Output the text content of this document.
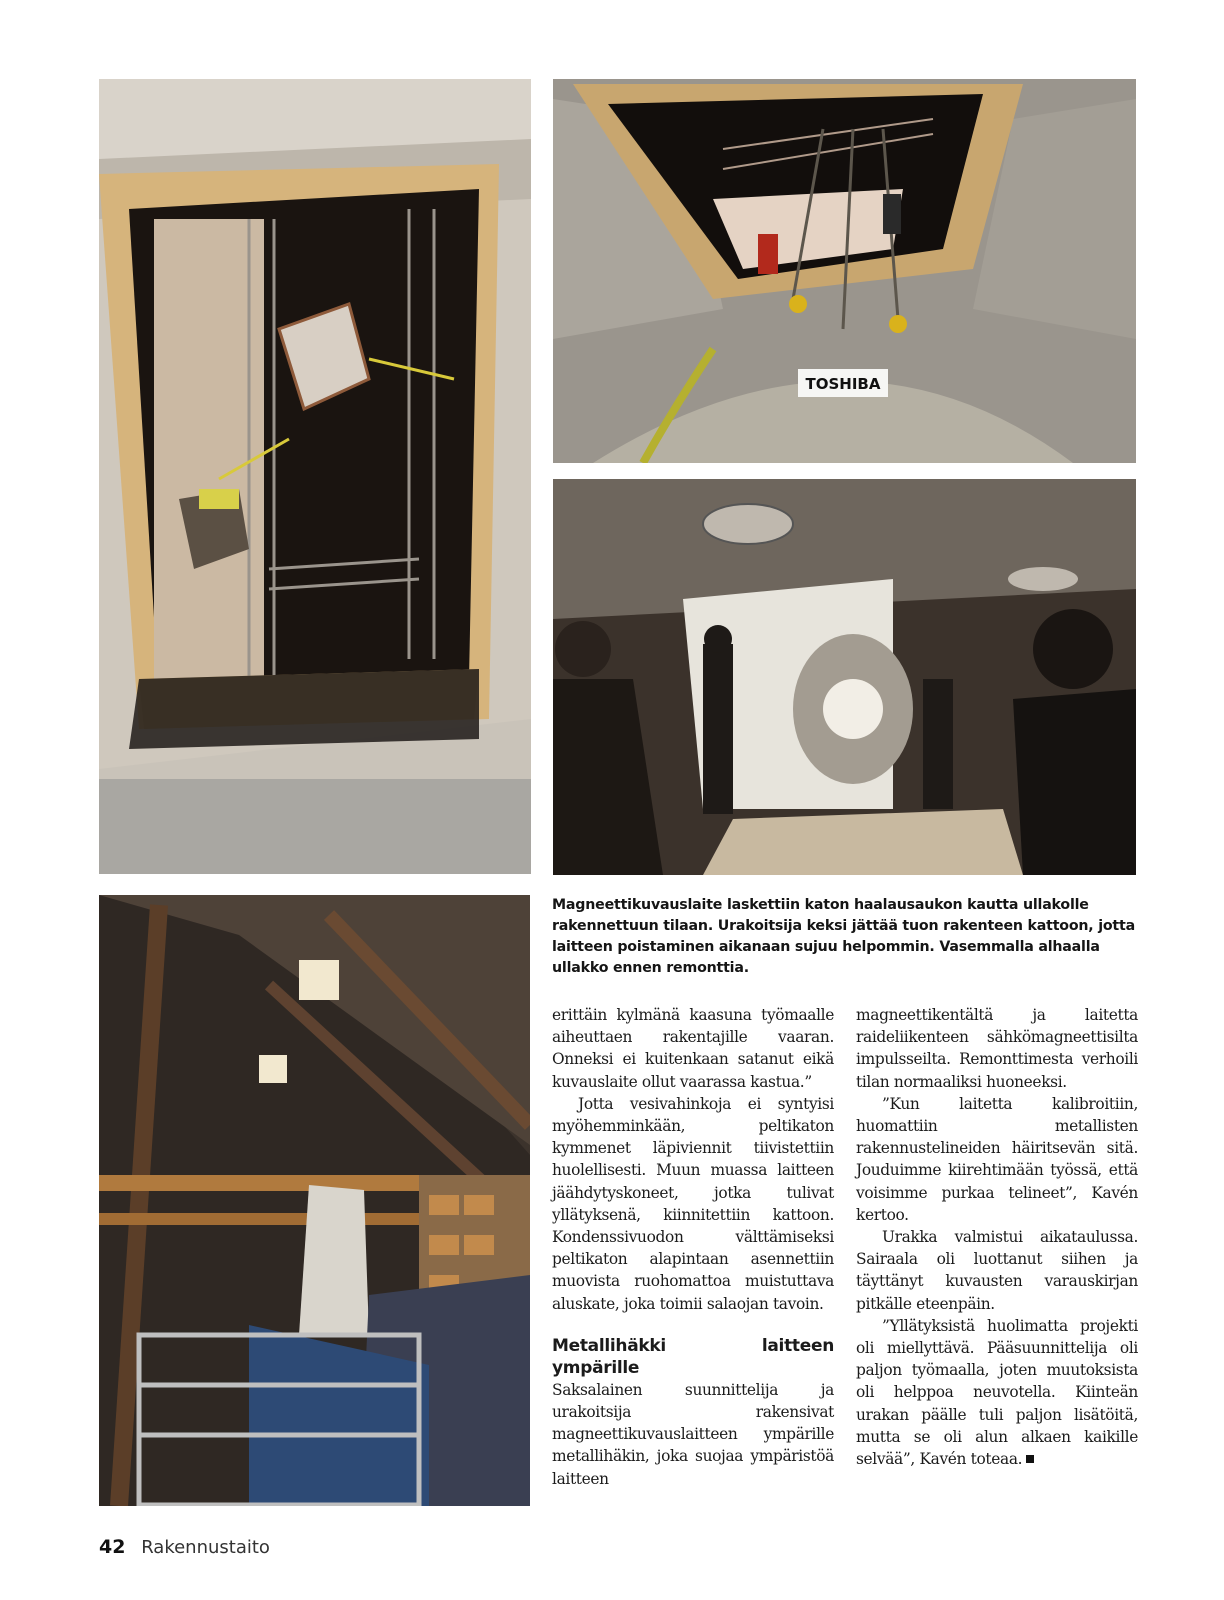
TOSHIBA
Magneettikuvauslaite laskettiin katon haalausaukon kautta ullakolle rakennettuun tilaan. Urakoitsija keksi jättää tuon rakenteen kattoon, jotta laitteen poistaminen aikanaan sujuu helpommin. Vasemmalla alhaalla ullakko ennen remonttia.

erittäin kylmänä kaasuna työmaalle aiheuttaen rakentajille vaaran. Onneksi ei kuitenkaan satanut eikä kuvauslaite ollut vaarassa kastua.”

Jotta vesivahinkoja ei syntyisi myöhemminkään, peltikaton kymmenet läpiviennit tiivistettiin huolellisesti. Muun muassa laitteen jäähdytyskoneet, jotka tulivat yllätyksenä, kiinnitettiin kattoon. Kondenssivuodon välttämiseksi peltikaton alapintaan asennettiin muovista ruohomattoa muistuttava aluskate, joka toimii salaojan tavoin.

Metallihäkki laitteen ympärille

Saksalainen suunnittelija ja urakoitsija rakensivat magneettikuvauslaitteen ympärille metallihäkin, joka suojaa ympäristöä laitteen

magneettikentältä ja laitetta raideliikenteen sähkömagneettisilta impulsseilta. Remonttimesta verhoili tilan normaaliksi huoneeksi.

”Kun laitetta kalibroitiin, huomattiin metallisten rakennustelineiden häiritsevän sitä. Jouduimme kiirehtimään työssä, että voisimme purkaa telineet”, Kavén kertoo.

Urakka valmistui aikataulussa. Sairaala oli luottanut siihen ja täyttänyt kuvausten varauskirjan pitkälle eteenpäin.

”Yllätyksistä huolimatta projekti oli miellyttävä. Pääsuunnittelija oli paljon työmaalla, joten muutoksista oli helppoa neuvotella. Kiinteän urakan päälle tuli paljon lisätöitä, mutta se oli alun alkaen kaikille selvää”, Kavén toteaa.

42 Rakennustaito
